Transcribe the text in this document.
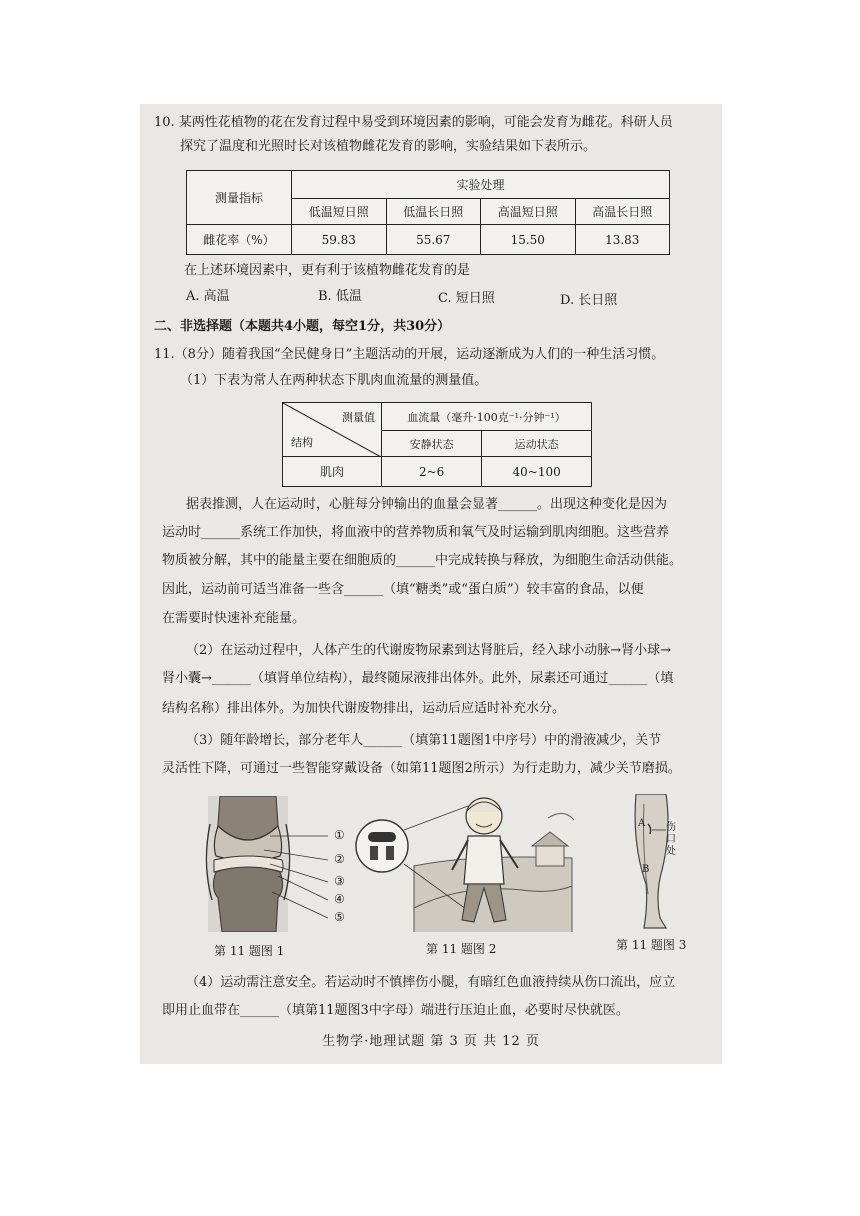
10. 某两性花植物的花在发育过程中易受到环境因素的影响，可能会发育为雌花。科研人员
探究了温度和光照时长对该植物雌花发育的影响，实验结果如下表所示。
测量指标	实验处理			
	低温短日照	低温长日照	高温短日照	高温长日照
雌花率（%）	59.83	55.67	15.50	13.83
在上述环境因素中，更有利于该植物雌花发育的是
A. 高温	B. 低温	C. 短日照	D. 长日照
二、非选择题（本题共4小题，每空1分，共30分）
11.（8分）随着我国“全民健身日”主题活动的开展，运动逐渐成为人们的一种生活习惯。
（1）下表为常人在两种状态下肌肉血流量的测量值。
测量值
结构	血流量（毫升·100克⁻¹·分钟⁻¹）	
	安静状态	运动状态
肌肉	2~6	40~100
据表推测，人在运动时，心脏每分钟输出的血量会显著______。出现这种变化是因为
运动时______系统工作加快，将血液中的营养物质和氧气及时运输到肌肉细胞。这些营养
物质被分解，其中的能量主要在细胞质的______中完成转换与释放，为细胞生命活动供能。
因此，运动前可适当准备一些含______（填“糖类”或“蛋白质”）较丰富的食品，以便
在需要时快速补充能量。
（2）在运动过程中，人体产生的代谢废物尿素到达肾脏后，经入球小动脉→肾小球→
肾小囊→______（填肾单位结构），最终随尿液排出体外。此外，尿素还可通过______（填
结构名称）排出体外。为加快代谢废物排出，运动后应适时补充水分。
（3）随年龄增长，部分老年人______（填第11题图1中序号）中的滑液减少，关节
灵活性下降，可通过一些智能穿戴设备（如第11题图2所示）为行走助力，减少关节磨损。
①
②
③
④
⑤
第 11 题图 1	第 11 题图 2
A
B
伤口处
第 11 题图 3
（4）运动需注意安全。若运动时不慎摔伤小腿，有暗红色血液持续从伤口流出，应立
即用止血带在______（填第11题图3中字母）端进行压迫止血，必要时尽快就医。
生物学·地理试题 第 3 页 共 12 页
